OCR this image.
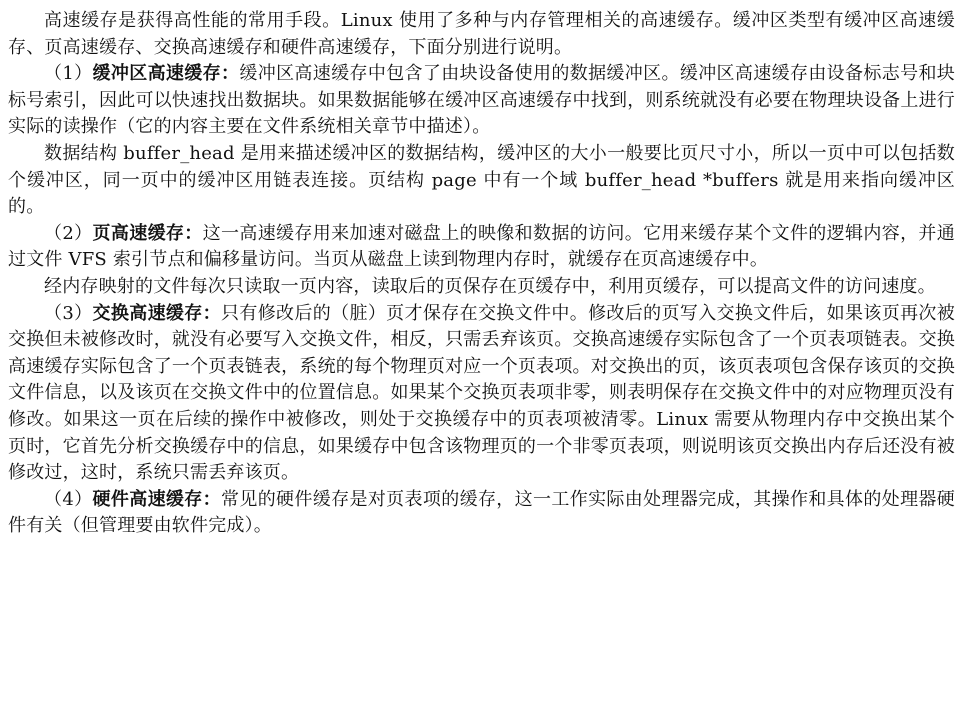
高速缓存是获得高性能的常用手段。Linux 使用了多种与内存管理相关的高速缓存。缓冲区类型有缓冲区高速缓存、页高速缓存、交换高速缓存和硬件高速缓存，下面分别进行说明。

（1）缓冲区高速缓存：缓冲区高速缓存中包含了由块设备使用的数据缓冲区。缓冲区高速缓存由设备标志号和块标号索引，因此可以快速找出数据块。如果数据能够在缓冲区高速缓存中找到，则系统就没有必要在物理块设备上进行实际的读操作（它的内容主要在文件系统相关章节中描述）。

数据结构 buffer_head 是用来描述缓冲区的数据结构，缓冲区的大小一般要比页尺寸小，所以一页中可以包括数个缓冲区，同一页中的缓冲区用链表连接。页结构 page 中有一个域 buffer_head *buffers 就是用来指向缓冲区的。

（2）页高速缓存：这一高速缓存用来加速对磁盘上的映像和数据的访问。它用来缓存某个文件的逻辑内容，并通过文件 VFS 索引节点和偏移量访问。当页从磁盘上读到物理内存时，就缓存在页高速缓存中。

经内存映射的文件每次只读取一页内容，读取后的页保存在页缓存中，利用页缓存，可以提高文件的访问速度。

（3）交换高速缓存：只有修改后的（脏）页才保存在交换文件中。修改后的页写入交换文件后，如果该页再次被交换但未被修改时，就没有必要写入交换文件，相反，只需丢弃该页。交换高速缓存实际包含了一个页表项链表。交换高速缓存实际包含了一个页表链表，系统的每个物理页对应一个页表项。对交换出的页，该页表项包含保存该页的交换文件信息，以及该页在交换文件中的位置信息。如果某个交换页表项非零，则表明保存在交换文件中的对应物理页没有修改。如果这一页在后续的操作中被修改，则处于交换缓存中的页表项被清零。Linux 需要从物理内存中交换出某个页时，它首先分析交换缓存中的信息，如果缓存中包含该物理页的一个非零页表项，则说明该页交换出内存后还没有被修改过，这时，系统只需丢弃该页。

（4）硬件高速缓存：常见的硬件缓存是对页表项的缓存，这一工作实际由处理器完成，其操作和具体的处理器硬件有关（但管理要由软件完成）。
